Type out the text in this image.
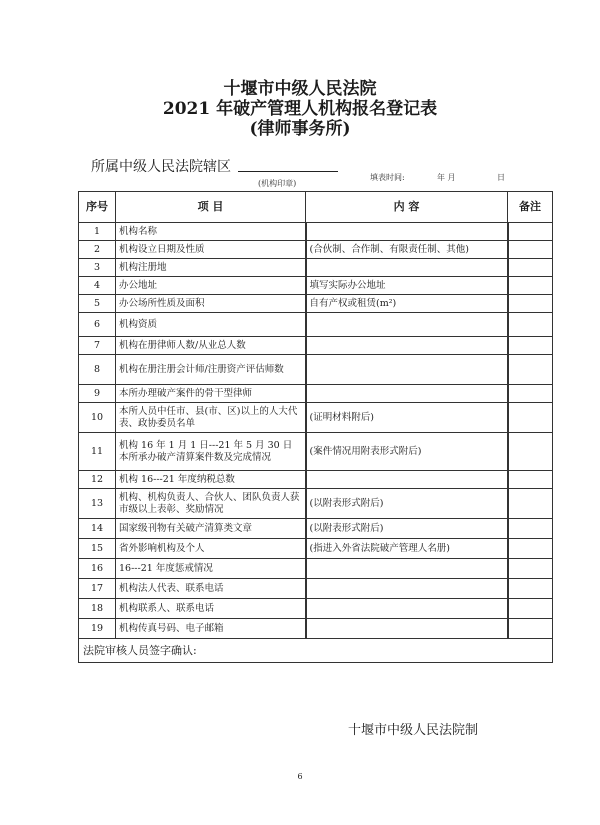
十堰市中级人民法院
2021 年破产管理人机构报名登记表
(律师事务所)
所属中级人民法院辖区
(机构印章)
填表时间:	年 月	日
序号	项 目	内 容	备注
1	机构名称		
2	机构设立日期及性质	(合伙制、合作制、有限责任制、其他)	
3	机构注册地		
4	办公地址	填写实际办公地址	
5	办公场所性质及面积	自有产权或租赁(m²)	
6	机构资质		
7	机构在册律师人数/从业总人数		
8	机构在册注册会计师/注册资产评估师数		
9	本所办理破产案件的骨干型律师		
10	本所人员中任市、县(市、区)以上的人大代表、政协委员名单	(证明材料附后)	
11	机构 16 年 1 月 1 日---21 年 5 月 30 日本所承办破产清算案件数及完成情况	(案件情况用附表形式附后)	
12	机构 16---21 年度纳税总数		
13	机构、机构负责人、合伙人、团队负责人获市级以上表彰、奖励情况	(以附表形式附后)	
14	国家级刊物有关破产清算类文章	(以附表形式附后)	
15	省外影响机构及个人	(指进入外省法院破产管理人名册)	
16	16---21 年度惩戒情况		
17	机构法人代表、联系电话		
18	机构联系人、联系电话		
19	机构传真号码、电子邮箱		
法院审核人员签字确认:			
十堰市中级人民法院制
6
